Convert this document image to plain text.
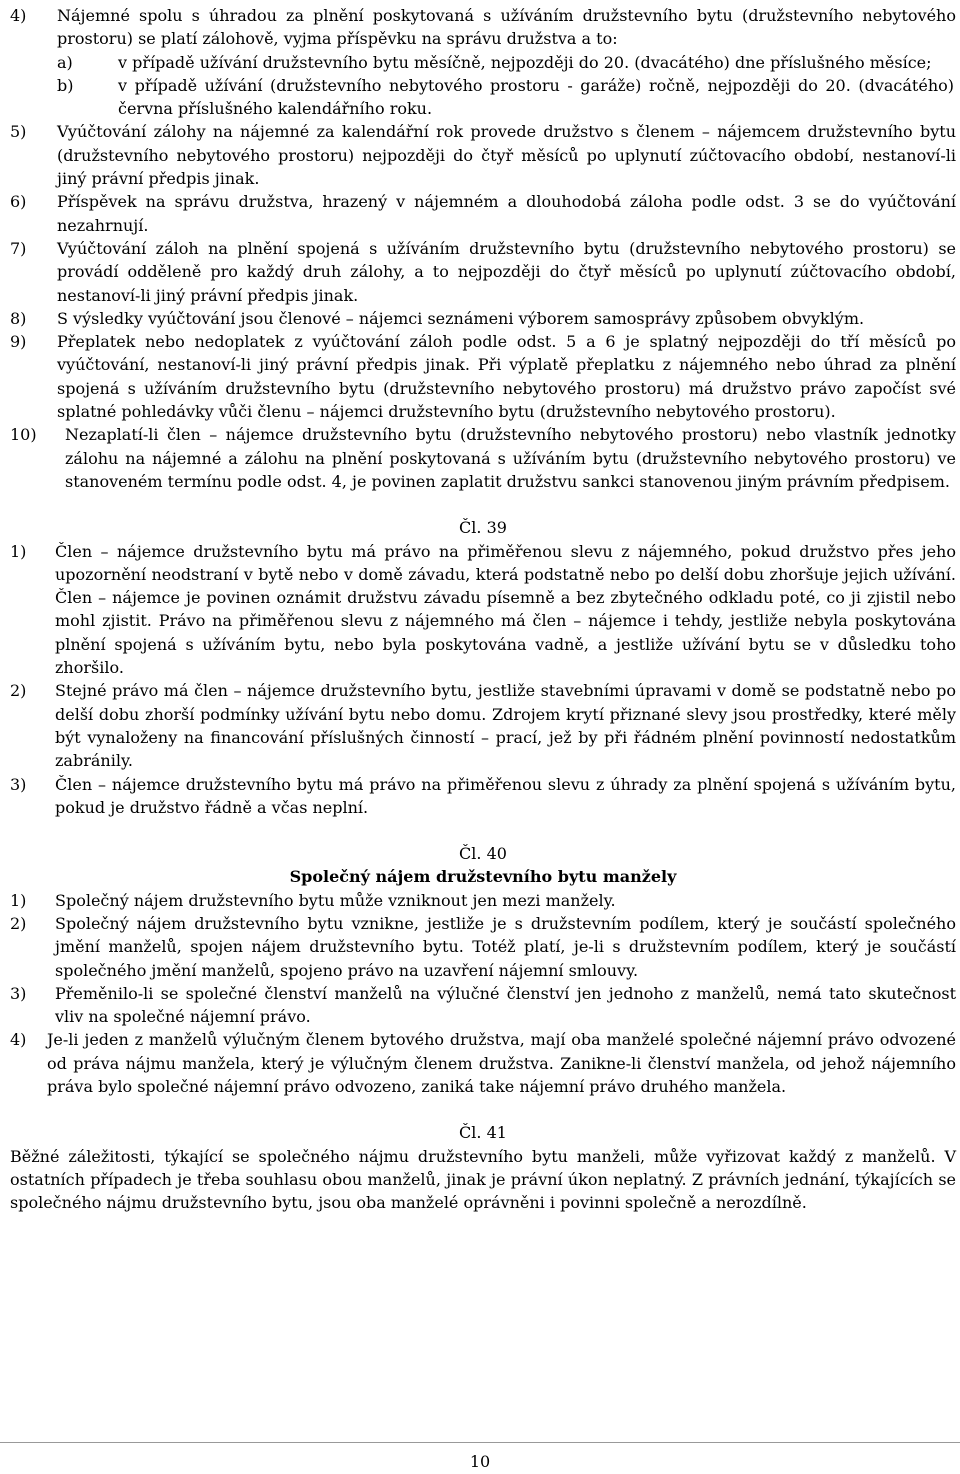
4)	Nájemné spolu s úhradou za plnění poskytovaná s užíváním družstevního bytu (družstevního nebytového prostoru) se platí zálohově, vyjma příspěvku na správu družstva a to:
a)	v případě užívání družstevního bytu měsíčně, nejpozději do 20. (dvacátého) dne příslušného měsíce;
b)	v případě užívání (družstevního nebytového prostoru - garáže) ročně, nejpozději do 20. (dvacátého) června příslušného kalendářního roku.
5)	Vyúčtování zálohy na nájemné za kalendářní rok provede družstvo s členem – nájemcem družstevního bytu (družstevního nebytového prostoru) nejpozději do čtyř měsíců po uplynutí zúčtovacího období, nestanoví-li jiný právní předpis jinak.
6)	Příspěvek na správu družstva, hrazený v nájemném a dlouhodobá záloha podle odst. 3 se do vyúčtování nezahrnují.
7)	Vyúčtování záloh na plnění spojená s užíváním družstevního bytu (družstevního nebytového prostoru) se provádí odděleně pro každý druh zálohy, a to nejpozději do čtyř měsíců po uplynutí zúčtovacího období, nestanoví-li jiný právní předpis jinak.
8)	S výsledky vyúčtování jsou členové – nájemci seznámeni výborem samosprávy způsobem obvyklým.
9)	Přeplatek nebo nedoplatek z vyúčtování záloh podle odst. 5 a 6 je splatný nejpozději do tří měsíců po vyúčtování, nestanoví-li jiný právní předpis jinak. Při výplatě přeplatku z nájemného nebo úhrad za plnění spojená s užíváním družstevního bytu (družstevního nebytového prostoru) má družstvo právo započíst své splatné pohledávky vůči členu – nájemci družstevního bytu (družstevního nebytového prostoru).
10)	Nezaplatí-li člen – nájemce družstevního bytu (družstevního nebytového prostoru) nebo vlastník jednotky zálohu na nájemné a zálohu na plnění poskytovaná s užíváním bytu (družstevního nebytového prostoru) ve stanoveném termínu podle odst. 4, je povinen zaplatit družstvu sankci stanovenou jiným právním předpisem.
Čl. 39
1)	Člen – nájemce družstevního bytu má právo na přiměřenou slevu z nájemného, pokud družstvo přes jeho upozornění neodstraní v bytě nebo v domě závadu, která podstatně nebo po delší dobu zhoršuje jejich užívání. Člen – nájemce je povinen oznámit družstvu závadu písemně a bez zbytečného odkladu poté, co ji zjistil nebo mohl zjistit. Právo na přiměřenou slevu z nájemného má člen – nájemce i tehdy, jestliže nebyla poskytována plnění spojená s užíváním bytu, nebo byla poskytována vadně, a jestliže užívání bytu se v důsledku toho zhoršilo.
2)	Stejné právo má člen – nájemce družstevního bytu, jestliže stavebními úpravami v domě se podstatně nebo po delší dobu zhorší podmínky užívání bytu nebo domu. Zdrojem krytí přiznané slevy jsou prostředky, které měly být vynaloženy na financování příslušných činností – prací, jež by při řádném plnění povinností nedostatkům zabránily.
3)	Člen – nájemce družstevního bytu má právo na přiměřenou slevu z úhrady za plnění spojená s užíváním bytu, pokud je družstvo řádně a včas neplní.
Čl. 40
Společný nájem družstevního bytu manžely
1)	Společný nájem družstevního bytu může vzniknout jen mezi manžely.
2)	Společný nájem družstevního bytu vznikne, jestliže je s družstevním podílem, který je součástí společného jmění manželů, spojen nájem družstevního bytu. Totéž platí, je-li s družstevním podílem, který je součástí společného jmění manželů, spojeno právo na uzavření nájemní smlouvy.
3)	Přeměnilo-li se společné členství manželů na výlučné členství jen jednoho z manželů, nemá tato skutečnost vliv na společné nájemní právo.
4)	Je-li jeden z manželů výlučným členem bytového družstva, mají oba manželé společné nájemní právo odvozené od práva nájmu manžela, který je výlučným členem družstva. Zanikne-li členství manžela, od jehož nájemního práva bylo společné nájemní právo odvozeno, zaniká take nájemní právo druhého manžela.
Čl. 41
Běžné záležitosti, týkající se společného nájmu družstevního bytu manželi, může vyřizovat každý z manželů. V ostatních případech je třeba souhlasu obou manželů, jinak je právní úkon neplatný. Z právních jednání, týkajících se společného nájmu družstevního bytu, jsou oba manželé oprávněni i povinni společně a nerozdílně.
10
